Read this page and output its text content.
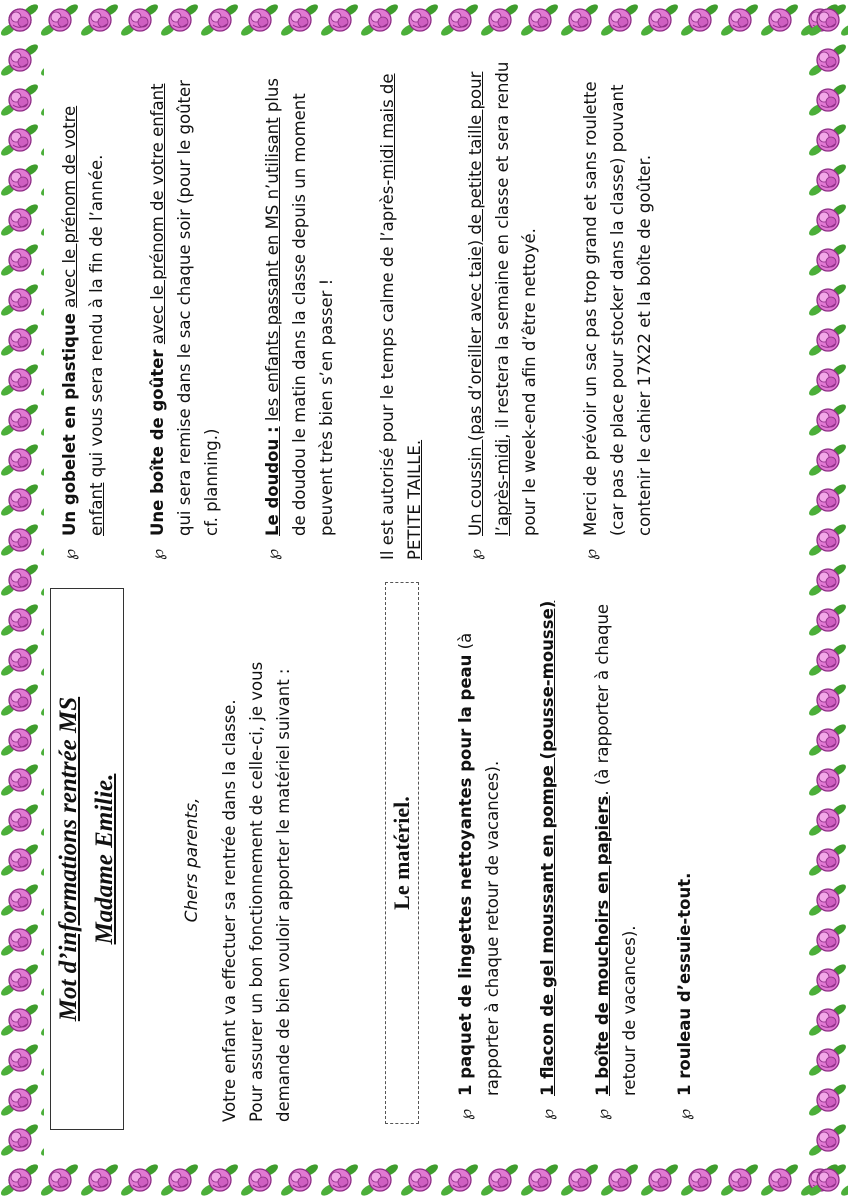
Mot d’informations rentrée MS Madame Emilie.	Chers parents, Votre enfant va effectuer sa rentrée dans la classe. Pour assurer un bon fonctionnement de celle-ci, je vous demande de bien vouloir apporter le matériel suivant :	Le matériel.
℘
1 paquet de lingettes nettoyantes pour la peau (à rapporter à chaque retour de vacances).
℘
1 flacon de gel moussant en pompe (pousse-mousse)
℘
1 boîte de mouchoirs en papiers. (à rapporter à chaque retour de vacances).
℘
1 rouleau d’essuie-tout.
℘
Un gobelet en plastique avec le prénom de votre enfant qui vous sera rendu à la fin de l’année.
℘
Une boîte de goûter avec le prénom de votre enfant qui sera remise dans le sac chaque soir (pour le goûter cf. planning.)
℘
Le doudou : les enfants passant en MS n’utilisant plus de doudou le matin dans la classe depuis un moment peuvent très bien s’en passer !	Il est autorisé pour le temps calme de l’après-midi mais de PETITE TAILLE.	℘
Un coussin (pas d’oreiller avec taie) de petite taille pour l’après-midi, il restera la semaine en classe et sera rendu pour le week-end afin d’être nettoyé.
℘
Merci de prévoir un sac pas trop grand et sans roulette (car pas de place pour stocker dans la classe) pouvant contenir le cahier 17X22 et la boîte de goûter.
